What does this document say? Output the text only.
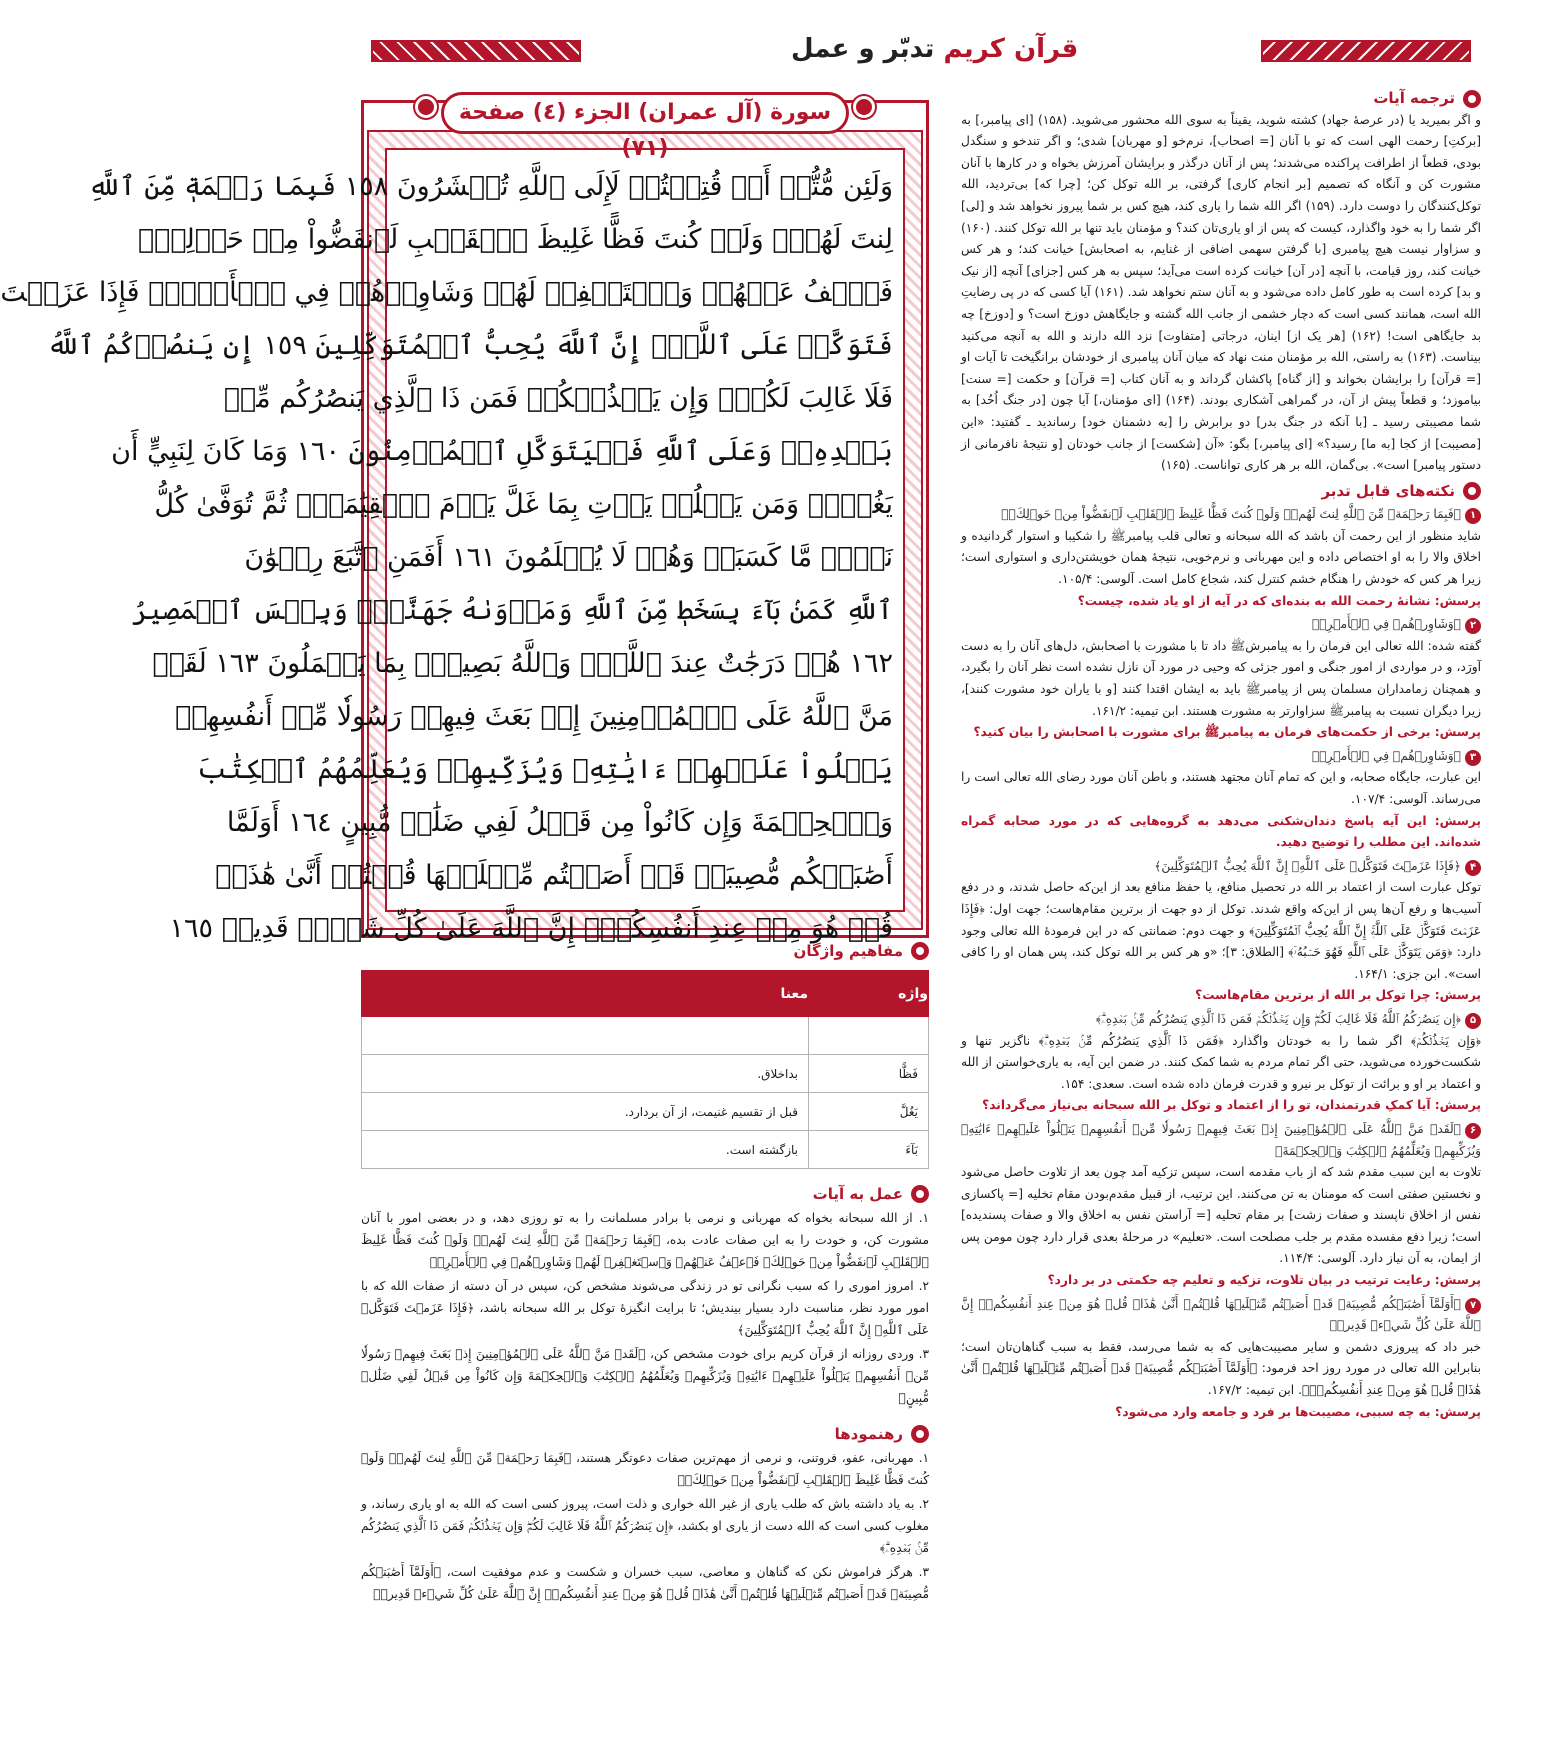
قرآن کریم تدبّر و عمل
وَلَئِن مُّتُّمۡ أَوۡ قُتِلۡتُمۡ لَإِلَى ٱللَّهِ تُحۡشَرُونَ ١٥٨ فَبِمَا رَحۡمَةٖ مِّنَ ٱللَّهِ
لِنتَ لَهُمۡۖ وَلَوۡ كُنتَ فَظًّا غَلِيظَ ٱلۡقَلۡبِ لَٱنفَضُّواْ مِنۡ حَوۡلِكَۖ
فَٱعۡفُ عَنۡهُمۡ وَٱسۡتَغۡفِرۡ لَهُمۡ وَشَاوِرۡهُمۡ فِي ٱلۡأَمۡرِۖ فَإِذَا عَزَمۡتَ
فَتَوَكَّلۡ عَلَى ٱللَّهِۚ إِنَّ ٱللَّهَ يُحِبُّ ٱلۡمُتَوَكِّلِينَ ١٥٩ إِن يَنصُرۡكُمُ ٱللَّهُ
فَلَا غَالِبَ لَكُمۡۖ وَإِن يَخۡذُلۡكُمۡ فَمَن ذَا ٱلَّذِي يَنصُرُكُم مِّنۢ
بَعۡدِهِۦۗ وَعَلَى ٱللَّهِ فَلۡيَتَوَكَّلِ ٱلۡمُؤۡمِنُونَ ١٦٠ وَمَا كَانَ لِنَبِيٍّ أَن
يَغُلَّۚ وَمَن يَغۡلُلۡ يَأۡتِ بِمَا غَلَّ يَوۡمَ ٱلۡقِيَٰمَةِۚ ثُمَّ تُوَفَّىٰ كُلُّ
نَفۡسٖ مَّا كَسَبَتۡ وَهُمۡ لَا يُظۡلَمُونَ ١٦١ أَفَمَنِ ٱتَّبَعَ رِضۡوَٰنَ
ٱللَّهِ كَمَنۢ بَآءَ بِسَخَطٖ مِّنَ ٱللَّهِ وَمَأۡوَىٰهُ جَهَنَّمُۖ وَبِئۡسَ ٱلۡمَصِيرُ
١٦٢ هُمۡ دَرَجَٰتٌ عِندَ ٱللَّهِۗ وَٱللَّهُ بَصِيرُۢ بِمَا يَعۡمَلُونَ ١٦٣ لَقَدۡ
مَنَّ ٱللَّهُ عَلَى ٱلۡمُؤۡمِنِينَ إِذۡ بَعَثَ فِيهِمۡ رَسُولٗا مِّنۡ أَنفُسِهِمۡ
يَتۡلُواْ عَلَيۡهِمۡ ءَايَٰتِهِۦ وَيُزَكِّيهِمۡ وَيُعَلِّمُهُمُ ٱلۡكِتَٰبَ
وَٱلۡحِكۡمَةَ وَإِن كَانُواْ مِن قَبۡلُ لَفِي ضَلَٰلٖ مُّبِينٍ ١٦٤ أَوَلَمَّا
أَصَٰبَتۡكُم مُّصِيبَةٞ قَدۡ أَصَبۡتُم مِّثۡلَيۡهَا قُلۡتُمۡ أَنَّىٰ هَٰذَاۖ
قُلۡ هُوَ مِنۡ عِندِ أَنفُسِكُمۡۗ إِنَّ ٱللَّهَ عَلَىٰ كُلِّ شَيۡءٖ قَدِيرٞ ١٦٥
سورة (آل عمران) الجزء (٤) صفحة (٧١)
مفاهیم واژگان
واژه	معنا

فَظًّا	بداخلاق.
يَغُلَّ	قبل از تقسیم غنیمت، از آن بردارد.
بَآءَ	بازگشته است.
عمل به آیات

۱. از الله سبحانه بخواه که مهربانی و نرمی با برادر مسلمانت را به تو روزی دهد، و در بعضی امور با آنان مشورت کن، و خودت را به این صفات عادت بده، ﴿فَبِمَا رَحۡمَةٖ مِّنَ ٱللَّهِ لِنتَ لَهُمۡۖ وَلَوۡ كُنتَ فَظًّا غَلِيظَ ٱلۡقَلۡبِ لَٱنفَضُّواْ مِنۡ حَوۡلِكَۖ فَٱعۡفُ عَنۡهُمۡ وَٱسۡتَغۡفِرۡ لَهُمۡ وَشَاوِرۡهُمۡ فِي ٱلۡأَمۡرِۖ﴾

۲. امروز اموری را که سبب نگرانی تو در زندگی می‌شوند مشخص کن، سپس در آن دسته از صفات الله که با امور مورد نظر، مناسبت دارد بسیار بیندیش؛ تا برایت انگیزهٔ توکل بر الله سبحانه باشد، ﴿فَإِذَا عَزَمۡتَ فَتَوَكَّلۡ عَلَى ٱللَّهِۚ إِنَّ ٱللَّهَ يُحِبُّ ٱلۡمُتَوَكِّلِينَ﴾

۳. وردی روزانه از قرآن کریم برای خودت مشخص کن، ﴿لَقَدۡ مَنَّ ٱللَّهُ عَلَى ٱلۡمُؤۡمِنِينَ إِذۡ بَعَثَ فِيهِمۡ رَسُولٗا مِّنۡ أَنفُسِهِمۡ يَتۡلُواْ عَلَيۡهِمۡ ءَايَٰتِهِۦ وَيُزَكِّيهِمۡ وَيُعَلِّمُهُمُ ٱلۡكِتَٰبَ وَٱلۡحِكۡمَةَ وَإِن كَانُواْ مِن قَبۡلُ لَفِي ضَلَٰلٖ مُّبِينٍ﴾

رهنمودها

۱. مهربانی، عفو، فروتنی، و نرمی از مهم‌ترین صفات دعوتگر هستند، ﴿فَبِمَا رَحۡمَةٖ مِّنَ ٱللَّهِ لِنتَ لَهُمۡۖ وَلَوۡ كُنتَ فَظًّا غَلِيظَ ٱلۡقَلۡبِ لَٱنفَضُّواْ مِنۡ حَوۡلِكَۖ﴾

۲. به یاد داشته باش که طلب یاری از غیر الله خواری و ذلت است، پیروز کسی است که الله به او یاری رساند، و مغلوب کسی است که الله دست از یاری او بکشد، ﴿إِن يَنصُرۡكُمُ ٱللَّهُ فَلَا غَالِبَ لَكُمۡۖ وَإِن يَخۡذُلۡكُمۡ فَمَن ذَا ٱلَّذِي يَنصُرُكُم مِّنۢ بَعۡدِهِۦۗ﴾

۳. هرگز فراموش نکن که گناهان و معاصی، سبب خسران و شکست و عدم موفقیت است، ﴿أَوَلَمَّآ أَصَٰبَتۡكُم مُّصِيبَةٞ قَدۡ أَصَبۡتُم مِّثۡلَيۡهَا قُلۡتُمۡ أَنَّىٰ هَٰذَاۖ قُلۡ هُوَ مِنۡ عِندِ أَنفُسِكُمۡۗ إِنَّ ٱللَّهَ عَلَىٰ كُلِّ شَيۡءٖ قَدِيرٞ﴾

ترجمه آیات

و اگر بمیرید یا (در عرصهٔ جهاد) کشته شوید، یقیناً به سوی الله محشور می‌شوید. (۱۵۸) [ای پیامبر،] به [برکتِ] رحمت الهی است که تو با آنان [= اصحاب]، نرم‌خو [و مهربان] شدی؛ و اگر تندخو و سنگدل بودی، قطعاً از اطرافت پراکنده می‌شدند؛ پس از آنان درگذر و برایشان آمرزش بخواه و در کارها با آنان مشورت کن و آنگاه که تصمیم [بر انجام کاری] گرفتی، بر الله توکل کن؛ [چرا که] بی‌تردید، الله توکل‌کنندگان را دوست دارد. (۱۵۹) اگر الله شما را یاری کند، هیچ کس بر شما پیروز نخواهد شد و [لی] اگر شما را به خود واگذارد، کیست که پس از او یاری‌تان کند؟ و مؤمنان باید تنها بر الله توکل کنند. (۱۶۰) و سزاوار نیست هیچ پیامبری [با گرفتن سهمی اضافی از غنایم، به اصحابش] خیانت کند؛ و هر کس خیانت کند، روز قیامت، با آنچه [در آن] خیانت کرده است می‌آید؛ سپس به هر کس [جزای] آنچه [از نیک و بد] کرده است به طور کامل داده می‌شود و به آنان ستم نخواهد شد. (۱۶۱) آیا کسی که در پی رضایتِ الله است، همانند کسی است که دچار خشمی از جانب الله گشته و جایگاهش دوزخ است؟ و [دوزخ] چه بد جایگاهی است! (۱۶۲) [هر یک از] اینان، درجاتی [متفاوت] نزد الله دارند و الله به آنچه می‌کنید بیناست. (۱۶۳) به راستی، الله بر مؤمنان منت نهاد که میان آنان پیامبری از خودشان برانگیخت تا آیات او [= قرآن] را برایشان بخواند و [از گناه] پاکشان گرداند و به آنان کتاب [= قرآن] و حکمت [= سنت] بیاموزد؛ و قطعاً پیش از آن، در گمراهی آشکاری بودند. (۱۶۴) [ای مؤمنان،] آیا چون [در جنگ اُحُد] به شما مصیبتی رسید ـ [با آنکه در جنگ بدر] دو برابرش را [به دشمنان خود] رساندید ـ گفتید: «این [مصیبت] از کجا [به ما] رسید؟» [ای پیامبر،] بگو: «آن [شکست] از جانب خودتان [و نتیجهٔ نافرمانی از دستور پیامبر] است». بی‌گمان، الله بر هر کاری تواناست. (۱۶۵)

نکته‌های قابل تدبر

۱﴿فَبِمَا رَحۡمَةٖ مِّنَ ٱللَّهِ لِنتَ لَهُمۡۖ وَلَوۡ كُنتَ فَظًّا غَلِيظَ ٱلۡقَلۡبِ لَٱنفَضُّواْ مِنۡ حَوۡلِكَۖ﴾

شاید منظور از این رحمت آن باشد که الله سبحانه و تعالی قلب پیامبرﷺ را شکیبا و استوار گردانیده و اخلاق والا را به او اختصاص داده و این مهربانی و نرم‌خویی، نتیجهٔ همان خویشتن‌داری و استواری است؛ زیرا هر کس که خودش را هنگام خشم کنترل کند، شجاع کامل است. آلوسی: ۱۰۵/۴.

پرسش: نشانهٔ رحمت الله به بنده‌ای که در آیه از او یاد شده، چیست؟

۲﴿وَشَاوِرۡهُمۡ فِي ٱلۡأَمۡرِۖ﴾

گفته شده: الله تعالی این فرمان را به پیامبرشﷺ داد تا با مشورت با اصحابش، دل‌های آنان را به دست آورَد، و در مواردی از امور جنگی و امور جزئی که وحیی در مورد آن نازل نشده است نظر آنان را بگیرد، و همچنان زمامداران مسلمان پس از پیامبرﷺ باید به ایشان اقتدا کنند [و با یاران خود مشورت کنند]، زیرا دیگران نسبت به پیامبرﷺ سزاوارتر به مشورت هستند. ابن تیمیه: ۱۶۱/۲.

پرسش: برخی از حکمت‌های فرمان به پیامبرﷺ برای مشورت با اصحابش را بیان کنید؟

۳﴿وَشَاوِرۡهُمۡ فِي ٱلۡأَمۡرِۖ﴾

این عبارت، جایگاه صحابه، و این که تمام آنان مجتهد هستند، و باطن آنان مورد رضای الله تعالی است را می‌رساند. آلوسی: ۱۰۷/۴.

پرسش: این آیه پاسخ دندان‌شکنی می‌دهد به گروه‌هایی که در مورد صحابه گمراه شده‌اند. این مطلب را توضیح دهید.

۴﴿فَإِذَا عَزَمۡتَ فَتَوَكَّلۡ عَلَى ٱللَّهِۚ إِنَّ ٱللَّهَ يُحِبُّ ٱلۡمُتَوَكِّلِينَ﴾

توکل عبارت است از اعتماد بر الله در تحصیل منافع، یا حفظ منافع بعد از این‌که حاصل شدند، و در دفع آسیب‌ها و رفع آن‌ها پس از این‌که واقع شدند. توکل از دو جهت از برترین مقام‌هاست؛ جهت اول: ﴿فَإِذَا عَزَمۡتَ فَتَوَكَّلۡ عَلَى ٱللَّهِۚ إِنَّ ٱللَّهَ يُحِبُّ ٱلۡمُتَوَكِّلِينَ﴾ و جهت دوم: ضمانتی که در این فرمودهٔ الله تعالی وجود دارد: ﴿وَمَن يَتَوَكَّلۡ عَلَى ٱللَّهِ فَهُوَ حَسۡبُهُۥٓ﴾ [الطلاق: ۳]؛ «و هر کس بر الله توکل کند، پس همان او را کافی است». ابن جزی: ۱۶۴/۱.

پرسش: چرا توکل بر الله از برترین مقام‌هاست؟

۵﴿إِن يَنصُرۡكُمُ ٱللَّهُ فَلَا غَالِبَ لَكُمۡۖ وَإِن يَخۡذُلۡكُمۡ فَمَن ذَا ٱلَّذِي يَنصُرُكُم مِّنۢ بَعۡدِهِۦۗ﴾

﴿وَإِن يَخۡذُلۡكُمۡ﴾ اگر شما را به خودتان واگذارد ﴿فَمَن ذَا ٱلَّذِي يَنصُرُكُم مِّنۢ بَعۡدِهِۦۗ﴾ ناگزیر تنها و شکست‌خورده می‌شوید، حتی اگر تمام مردم به شما کمک کنند. در ضمن این آیه، به یاری‌خواستن از الله و اعتماد بر او و برائت از توکل بر نیرو و قدرت فرمان داده شده است. سعدی: ۱۵۴.

پرسش: آیا کمکِ قدرتمندان، تو را از اعتماد و توکل بر الله سبحانه بی‌نیاز می‌گرداند؟

۶﴿لَقَدۡ مَنَّ ٱللَّهُ عَلَى ٱلۡمُؤۡمِنِينَ إِذۡ بَعَثَ فِيهِمۡ رَسُولٗا مِّنۡ أَنفُسِهِمۡ يَتۡلُواْ عَلَيۡهِمۡ ءَايَٰتِهِۦ وَيُزَكِّيهِمۡ وَيُعَلِّمُهُمُ ٱلۡكِتَٰبَ وَٱلۡحِكۡمَةَ﴾

تلاوت به این سبب مقدم شد که از باب مقدمه است، سپس تزکیه آمد چون بعد از تلاوت حاصل می‌شود و نخستین صفتی است که مومنان به تن می‌کنند. این ترتیب، از قبیل مقدم‌بودن مقام تخلیه [= پاکسازی نفس از اخلاق ناپسند و صفات زشت] بر مقام تحلیه [= آراستن نفس به اخلاق والا و صفات پسندیده] است؛ زیرا دفع مفسده مقدم بر جلب مصلحت است. «تعلیم» در مرحلهٔ بعدی قرار دارد چون مومن پس از ایمان، به آن نیاز دارد. آلوسی: ۱۱۴/۴.

پرسش: رعایت ترتیب در بیان تلاوت، تزکیه و تعلیم چه حکمتی در بر دارد؟

۷﴿أَوَلَمَّآ أَصَٰبَتۡكُم مُّصِيبَةٞ قَدۡ أَصَبۡتُم مِّثۡلَيۡهَا قُلۡتُمۡ أَنَّىٰ هَٰذَاۖ قُلۡ هُوَ مِنۡ عِندِ أَنفُسِكُمۡۗ إِنَّ ٱللَّهَ عَلَىٰ كُلِّ شَيۡءٖ قَدِيرٞ﴾

خبر داد که پیروزی دشمن و سایر مصیبت‌هایی که به شما می‌رسد، فقط به سبب گناهان‌تان است؛ بنابراین الله تعالی در مورد روز احد فرمود: ﴿أَوَلَمَّآ أَصَٰبَتۡكُم مُّصِيبَةٞ قَدۡ أَصَبۡتُم مِّثۡلَيۡهَا قُلۡتُمۡ أَنَّىٰ هَٰذَاۖ قُلۡ هُوَ مِنۡ عِندِ أَنفُسِكُمۡۗ﴾. ابن تیمیه: ۱۶۷/۲.

پرسش: به چه سببی، مصیبت‌ها بر فرد و جامعه وارد می‌شود؟
